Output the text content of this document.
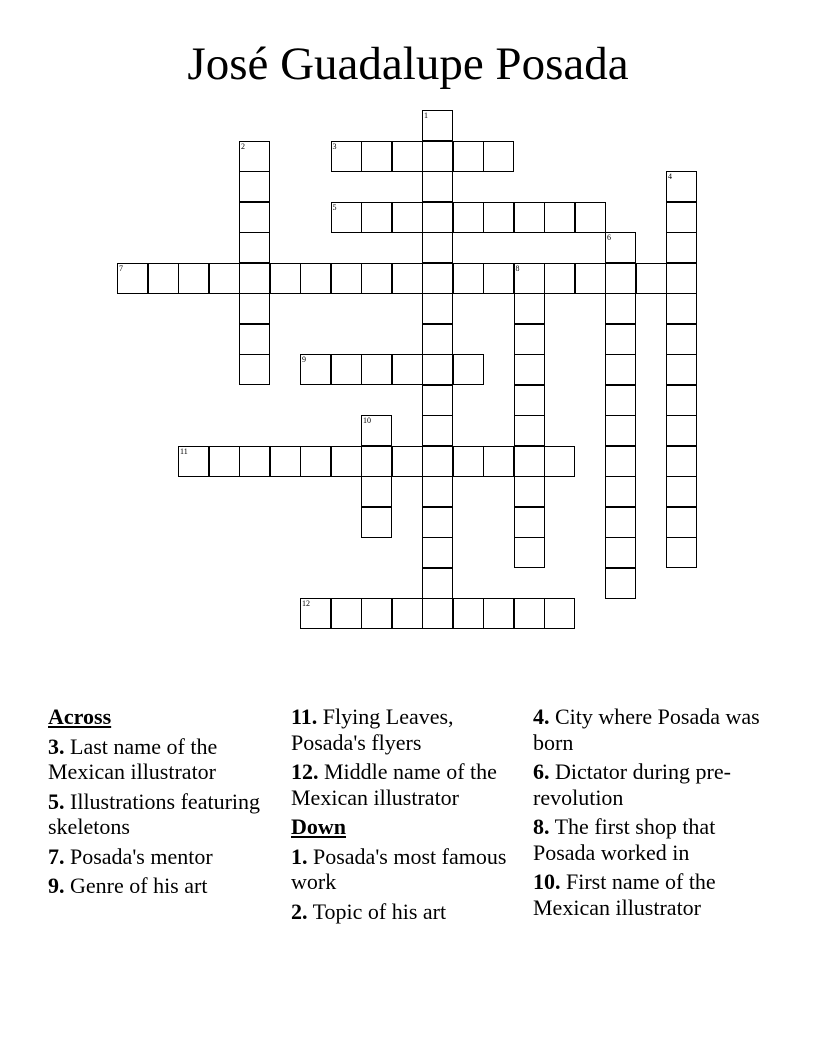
José Guadalupe Posada
1
2	3
4
5
6
7	8
9
10
11
12
Across
3. Last name of the Mexican illustrator
5. Illustrations featuring skeletons
7. Posada's mentor
9. Genre of his art
11. Flying Leaves, Posada's flyers
12. Middle name of the Mexican illustrator
Down
1. Posada's most famous work
2. Topic of his art
4. City where Posada was born
6. Dictator during pre-revolution
8. The first shop that Posada worked in
10. First name of the Mexican illustrator
